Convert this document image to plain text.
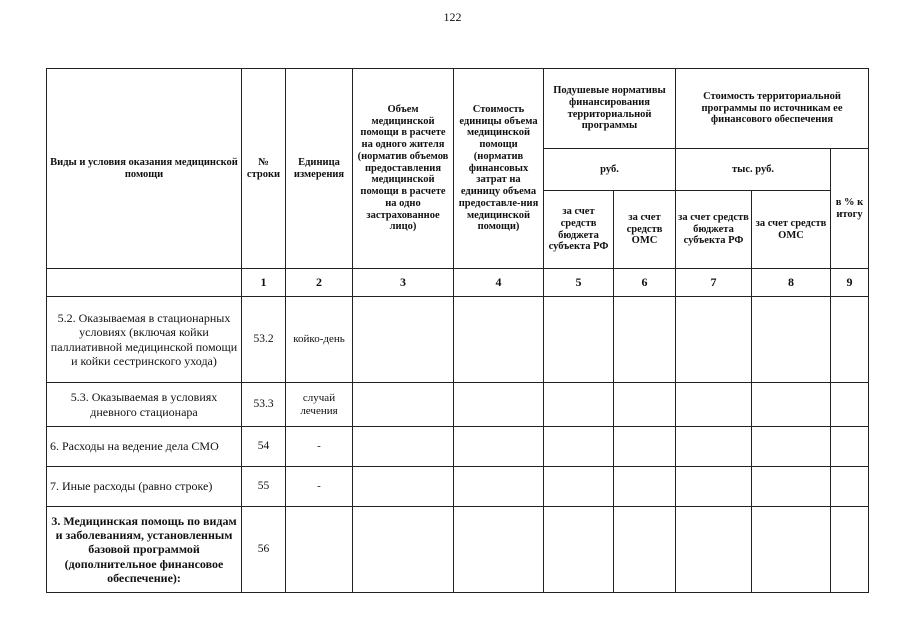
122
Виды и условия оказания медицинской помощи	№ строки	Единица измерения	Объем медицинской помощи в расчете на одного жителя (норматив объемов предоставления медицинской помощи в расчете на одно застрахованное лицо)	Стоимость единицы объема медицинской помощи (норматив финансовых затрат на единицу объема предоставле-ния медицинской помощи)	Подушевые нормативы финансирования территориальной программы		Стоимость территориальной программы по источникам ее финансового обеспечения		
					руб.		тыс. руб.		в % к итогу
					за счет средств бюджета субъекта РФ	за счет средств ОМС	за счет средств бюджета субъекта РФ	за счет средств ОМС	
	1	2	3	4	5	6	7	8	9
5.2. Оказываемая в стационарных условиях (включая койки паллиативной медицинской помощи и койки сестринского ухода)	53.2	койко-день							
5.3. Оказываемая в условиях дневного стационара	53.3	случай лечения							
6. Расходы на ведение дела СМО	54	-							
7. Иные расходы (равно строке)	55	-							
3. Медицинская помощь по видам и заболеваниям, установленным базовой программой (дополнительное финансовое обеспечение):	56								
